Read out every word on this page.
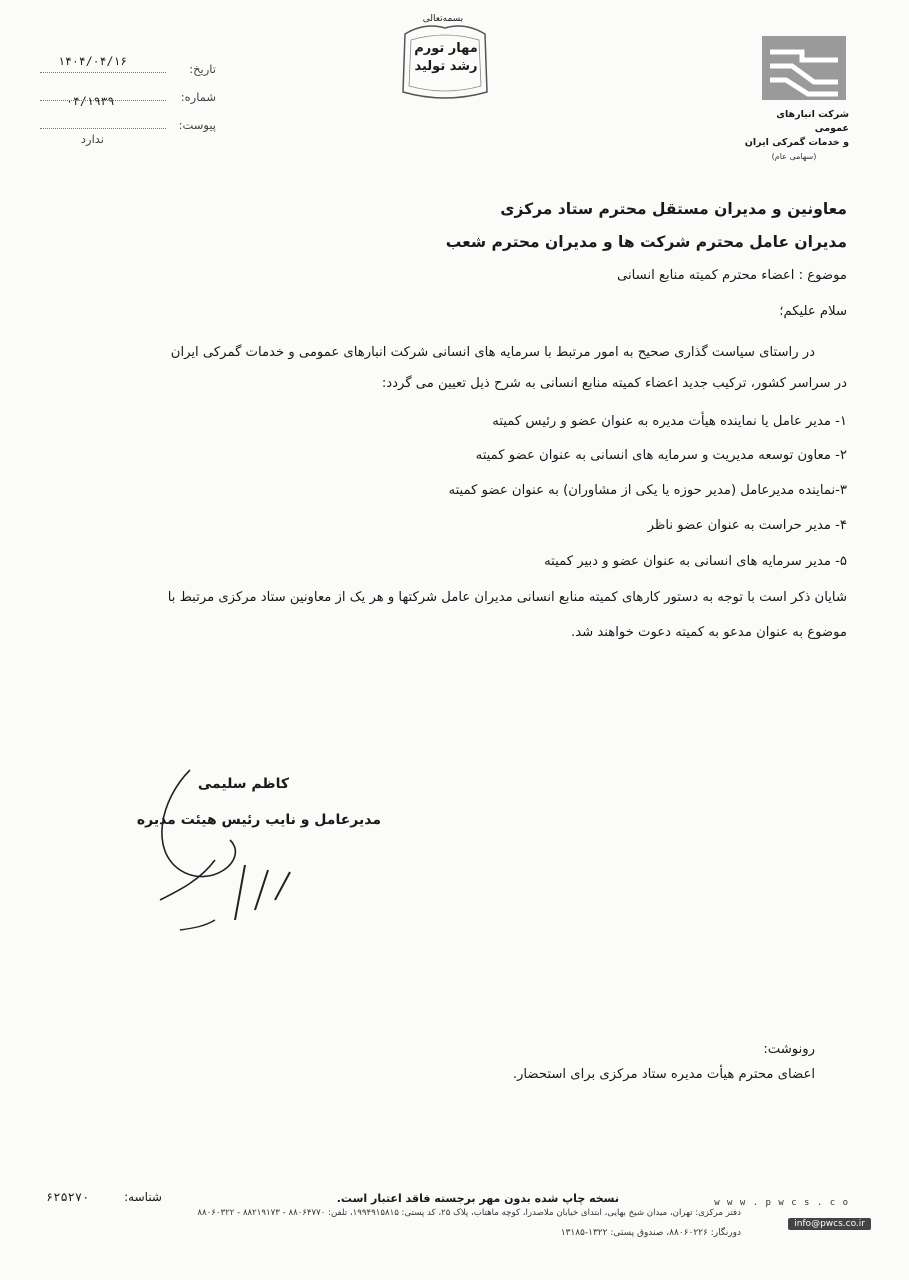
شرکت انبارهای عمومی
و خدمات گمرکی ایران
(سهامی عام)
بسمه‌تعالی
مهار تورم
رشد تولید
تاریخ:
۱۴۰۴/۰۴/۱۶
شماره:
۰۴/۱۹۳۹
پیوست:
ندارد
معاونین و مدیران مستقل محترم ستاد مرکزی
مدیران عامل محترم شرکت ها و مدیران محترم شعب
موضوع : اعضاء محترم کمیته منابع انسانی
سلام علیکم؛
در راستای سیاست گذاری صحیح به امور مرتبط با سرمایه های انسانی شرکت انبارهای عمومی و خدمات گمرکی ایران
در سراسر کشور، ترکیب جدید اعضاء کمیته منابع انسانی به شرح ذیل تعیین می گردد:
۱- مدیر عامل یا نماینده هیأت مدیره به عنوان عضو و رئیس کمیته
۲- معاون توسعه مدیریت و سرمایه های انسانی به عنوان عضو کمیته
۳-نماینده مدیرعامل (مدیر حوزه یا یکی از مشاوران) به عنوان عضو کمیته
۴- مدیر حراست به عنوان عضو ناظر
۵- مدیر سرمایه های انسانی به عنوان عضو و دبیر کمیته
شایان ذکر است با توجه به دستور کارهای کمیته منابع انسانی مدیران عامل شرکتها و هر یک از معاونین ستاد مرکزی مرتبط با
موضوع به عنوان مدعو به کمیته دعوت خواهند شد.
کاظم سلیمی
مدیرعامل و نایب رئیس هیئت مدیره
رونوشت:
اعضای محترم هیأت مدیره ستاد مرکزی برای استحضار.
نسخه چاپ شده بدون مهر برجسته فاقد اعتبار است.
شناسه:
۶۲۵۲۷۰	w w w . p w c s . c o
دفتر مرکزی: تهران، میدان شیخ بهایی، ابتدای خیابان ملاصدرا، کوچه ماهتاب، پلاک ۲۵، کد پستی: ۱۹۹۴۹۱۵۸۱۵، تلفن: ۸۸۰۶۴۷۷۰ - ۸۸۲۱۹۱۷۳ - ۸۸۰۶۰۳۲۲
info@pwcs.co.ir
دورنگار: ۸۸۰۶۰۲۲۶، صندوق پستی: ۱۳۲۲-۱۳۱۸۵
